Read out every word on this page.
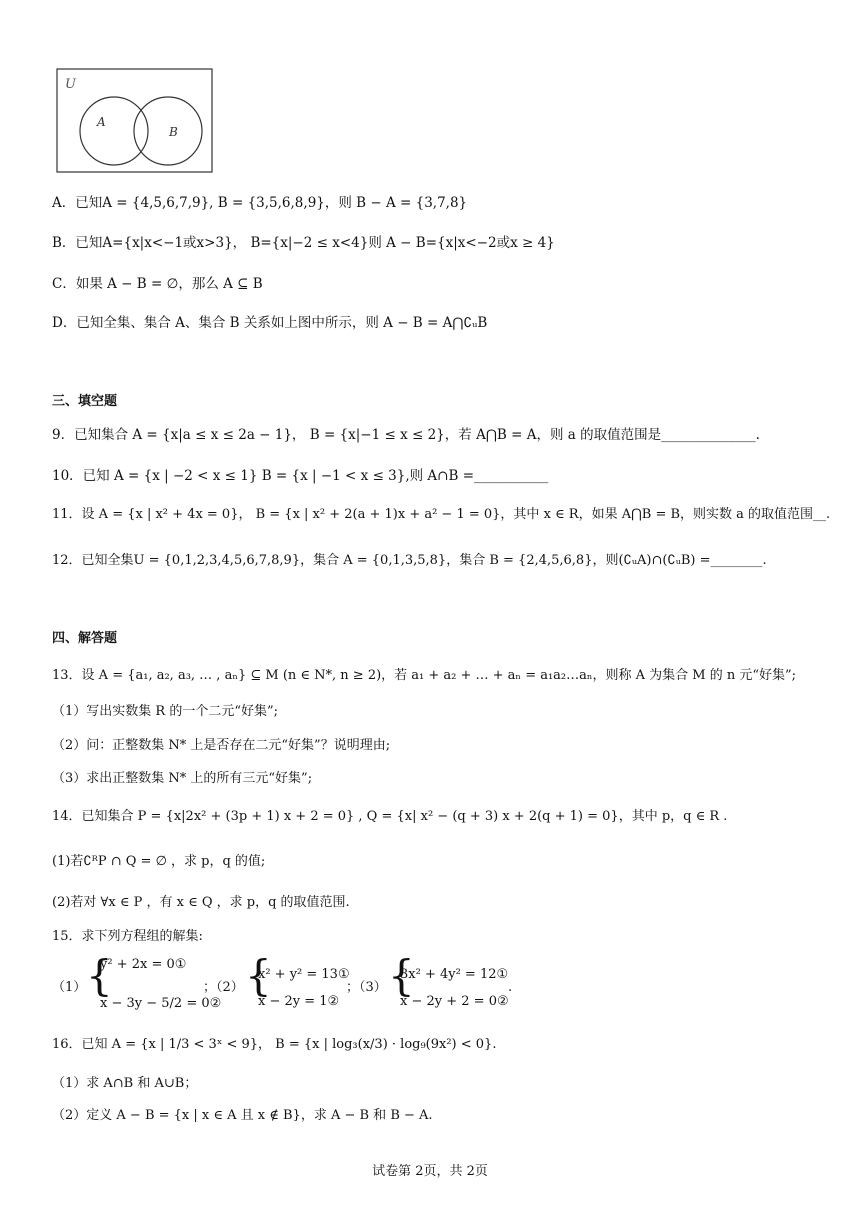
U
A
B
A．已知A = {4,5,6,7,9}, B = {3,5,6,8,9}，则 B − A = {3,7,8}
B．已知A={x|x<−1或x>3}， B={x|−2 ≤ x<4}则 A − B={x|x<−2或x ≥ 4}
C．如果 A − B = ∅，那么 A ⊆ B
D．已知全集、集合 A、集合 B 关系如上图中所示，则 A − B = A⋂∁ᵤB
三、填空题
9．已知集合 A = {x|a ≤ x ≤ 2a − 1}， B = {x|−1 ≤ x ≤ 2}，若 A⋂B = A，则 a 的取值范围是______________.
10．已知 A = {x | −2 < x ≤ 1} B = {x | −1 < x ≤ 3},则 A∩B =___________
11．设 A = {x | x² + 4x = 0}， B = {x | x² + 2(a + 1)x + a² − 1 = 0}，其中 x ∈ R，如果 A⋂B = B，则实数 a 的取值范围__.
12．已知全集U = {0,1,2,3,4,5,6,7,8,9}，集合 A = {0,1,3,5,8}，集合 B = {2,4,5,6,8}，则(∁ᵤA)∩(∁ᵤB) =________.
四、解答题
13．设 A = {a₁, a₂, a₃, … , aₙ} ⊆ M (n ∈ N*, n ≥ 2)，若 a₁ + a₂ + … + aₙ = a₁a₂…aₙ，则称 A 为集合 M 的 n 元“好集”;
（1）写出实数集 R 的一个二元“好集”;
（2）问：正整数集 N* 上是否存在二元“好集”？说明理由;
（3）求出正整数集 N* 上的所有三元“好集”;
14．已知集合 P = {x|2x² + (3p + 1) x + 2 = 0} , Q = {x| x² − (q + 3) x + 2(q + 1) = 0}，其中 p，q ∈ R .
(1)若∁ᴿP ∩ Q = ∅ ，求 p，q 的值;
(2)若对 ∀x ∈ P ，有 x ∈ Q ，求 p，q 的取值范围.
15．求下列方程组的解集:
（1） {
y² + 2x = 0①
x − 3y − 5/2 = 0②
；（2） {
x² + y² = 13①
x − 2y = 1②
；（3） {
3x² + 4y² = 12①
x − 2y + 2 = 0②
.
16．已知 A = {x | 1/3 < 3ˣ < 9}， B = {x | log₃(x/3) · log₉(9x²) < 0}.
（1）求 A∩B 和 A∪B；
（2）定义 A − B = {x | x ∈ A 且 x ∉ B}，求 A − B 和 B − A.
试卷第 2页，共 2页
